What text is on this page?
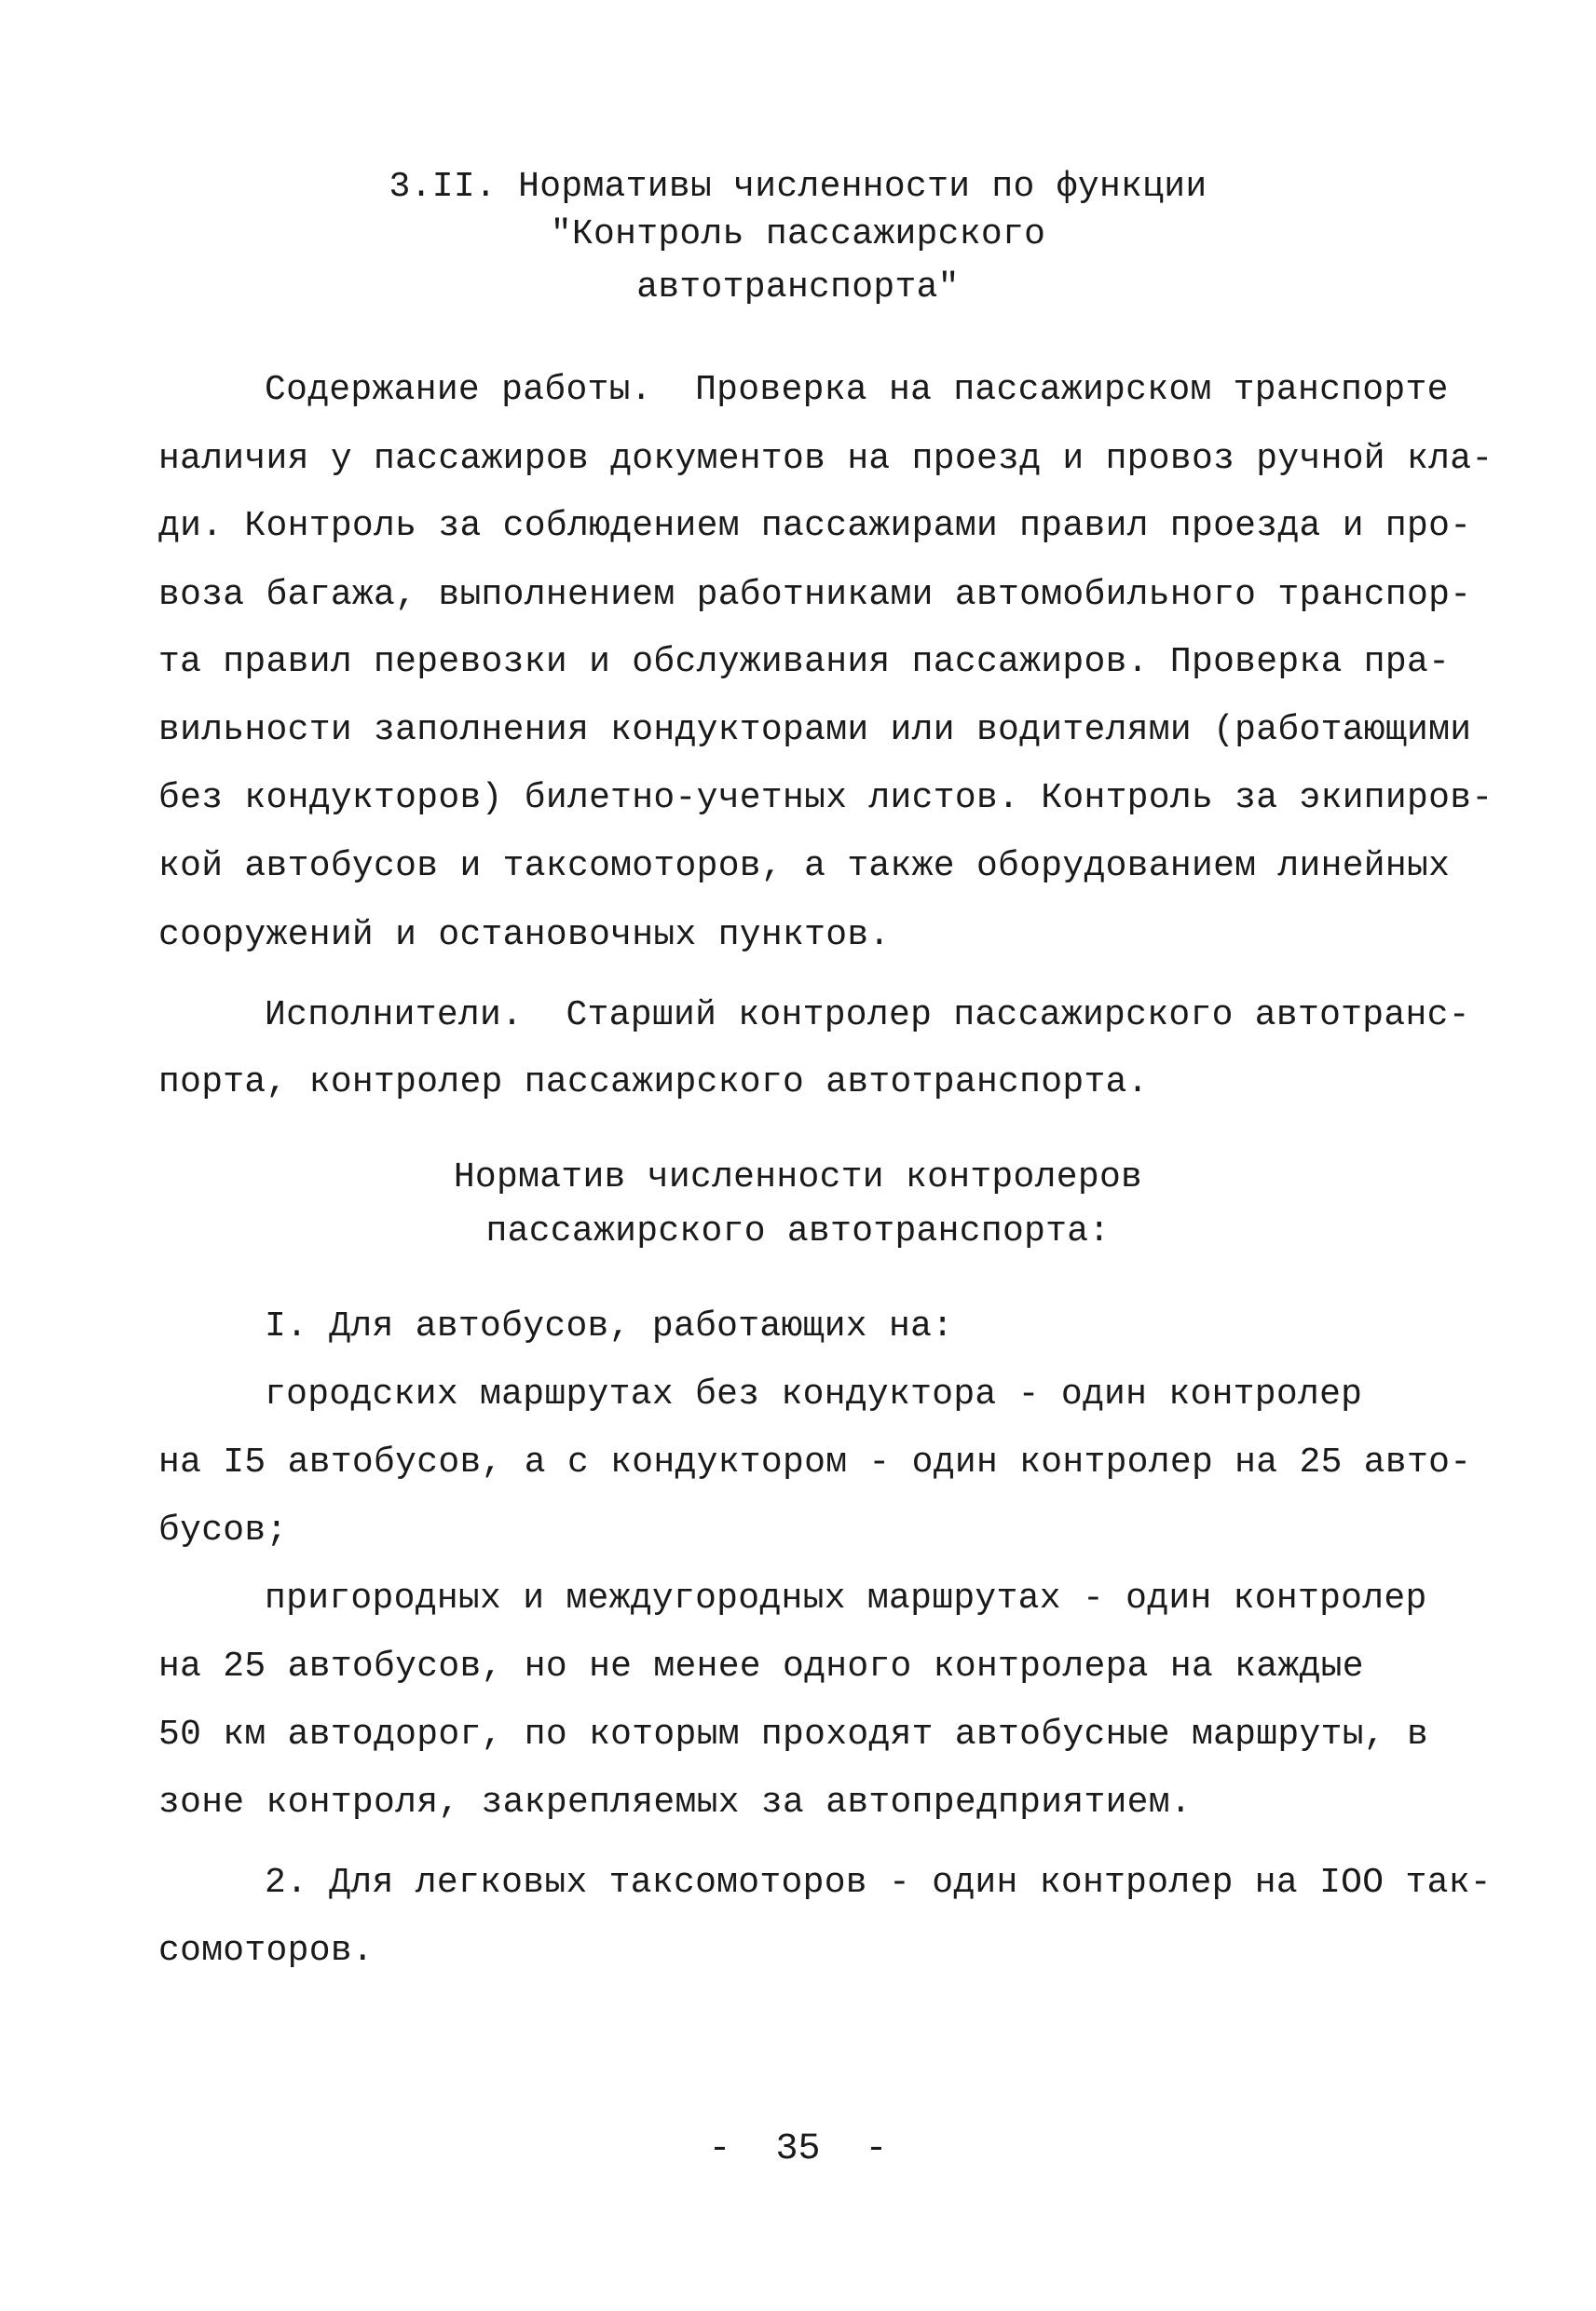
3.II. Нормативы численности по функции
"Контроль пассажирского
автотранспорта"
Содержание работы.  Проверка на пассажирском транспорте
наличия у пассажиров документов на проезд и провоз ручной кла-
ди. Контроль за соблюдением пассажирами правил проезда и про-
воза багажа, выполнением работниками автомобильного транспор-
та правил перевозки и обслуживания пассажиров. Проверка пра-
вильности заполнения кондукторами или водителями (работающими
без кондукторов) билетно-учетных листов. Контроль за экипиров-
кой автобусов и таксомоторов, а также оборудованием линейных
сооружений и остановочных пунктов.
Исполнители.  Старший контролер пассажирского автотранс-
порта, контролер пассажирского автотранспорта.
Норматив численности контролеров
пассажирского автотранспорта:
I. Для автобусов, работающих на:
городских маршрутах без кондуктора - один контролер
на I5 автобусов, а с кондуктором - один контролер на 25 авто-
бусов;
пригородных и междугородных маршрутах - один контролер
на 25 автобусов, но не менее одного контролера на каждые
50 км автодорог, по которым проходят автобусные маршруты, в
зоне контроля, закрепляемых за автопредприятием.
2. Для легковых таксомоторов - один контролер на IOO так-
сомоторов.
-  35  -
